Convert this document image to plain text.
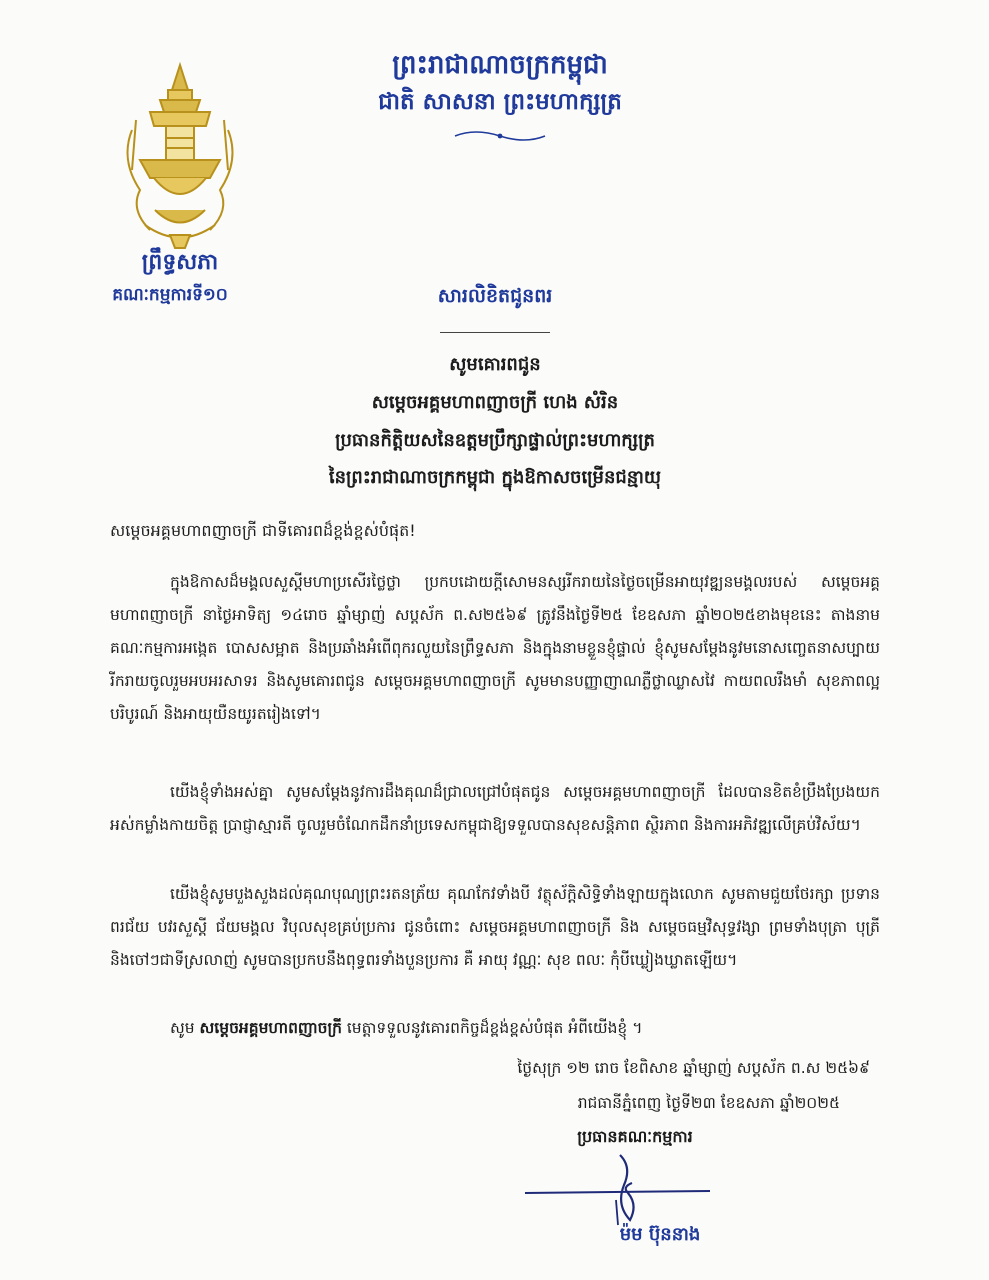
ព្រឹទ្ធសភា
គណៈកម្មការទី១០
ព្រះរាជាណាចក្រកម្ពុជា
ជាតិ សាសនា ព្រះមហាក្សត្រ
សារលិខិតជូនពរ
សូមគោរពជូន
សម្តេចអគ្គមហាពញាចក្រី ហេង សំរិន
ប្រធានកិត្តិយសនៃឧត្តមប្រឹក្សាផ្ទាល់ព្រះមហាក្សត្រ
នៃព្រះរាជាណាចក្រកម្ពុជា ក្នុងឱកាសចម្រើនជន្មាយុ
សម្តេចអគ្គមហាពញាចក្រី ជាទីគោរពដ៏ខ្ពង់ខ្ពស់បំផុត!

ក្នុងឱកាសដ៏មង្គលសួស្តីមហាប្រសើរថ្លៃថ្លា ប្រកបដោយក្តីសោមនស្សរីករាយនៃថ្ងៃចម្រើនអាយុវឌ្ឍនមង្គលរបស់ សម្តេចអគ្គមហាពញាចក្រី នាថ្ងៃអាទិត្យ ១៤រោច ឆ្នាំម្សាញ់ សប្តស័ក ព.ស២៥៦៩ ត្រូវនឹងថ្ងៃទី២៥ ខែឧសភា ឆ្នាំ២០២៥ខាងមុខនេះ តាងនាមគណៈកម្មការអង្កេត បោសសម្អាត និងប្រឆាំងអំពើពុករលួយនៃព្រឹទ្ធសភា និងក្នុងនាមខ្លួនខ្ញុំផ្ទាល់ ខ្ញុំសូមសម្តែងនូវមនោសញ្ចេតនាសប្បាយរីករាយចូលរួមអបអរសាទរ និងសូមគោរពជូន សម្តេចអគ្គមហាពញាចក្រី សូមមានបញ្ញាញាណភ្លឺថ្លាឈ្លាសវៃ កាយពលរឹងមាំ សុខភាពល្អបរិបូរណ៍ និងអាយុយឺនយូរតរៀងទៅ។

យើងខ្ញុំទាំងអស់គ្នា សូមសម្តែងនូវការដឹងគុណដ៏ជ្រាលជ្រៅបំផុតជូន សម្តេចអគ្គមហាពញាចក្រី ដែលបានខិតខំប្រឹងប្រែងយកអស់កម្លាំងកាយចិត្ត ប្រាជ្ញាស្មារតី ចូលរួមចំណែកដឹកនាំប្រទេសកម្ពុជាឱ្យទទួលបានសុខសន្តិភាព ស្ថិរភាព និងការអភិវឌ្ឍលើគ្រប់វិស័យ។

យើងខ្ញុំសូមបួងសួងដល់គុណបុណ្យព្រះរតនត្រ័យ គុណកែវទាំងបី វត្ថុស័ក្តិសិទ្ធិទាំងឡាយក្នុងលោក សូមតាមជួយថែរក្សា ប្រទានពរជ័យ បវរសួស្តី ជ័យមង្គល វិបុលសុខគ្រប់ប្រការ ជូនចំពោះ សម្តេចអគ្គមហាពញាចក្រី និង សម្តេចធម្មវិសុទ្ធវង្សា ព្រមទាំងបុត្រា បុត្រី និងចៅៗជាទីស្រលាញ់ សូមបានប្រកបនឹងពុទ្ធពរទាំងបួនប្រការ គឺ អាយុ វណ្ណៈ សុខ ពលៈ កុំបីឃ្លៀងឃ្លាតឡើយ។

សូម សម្តេចអគ្គមហាពញាចក្រី មេត្តាទទួលនូវគោរពកិច្ចដ៏ខ្ពង់ខ្ពស់បំផុត អំពីយើងខ្ញុំ ។
ថ្ងៃសុក្រ ១២ រោច ខែពិសាខ ឆ្នាំម្សាញ់ សប្តស័ក ព.ស ២៥៦៩
រាជធានីភ្នំពេញ ថ្ងៃទី២៣ ខែឧសភា ឆ្នាំ២០២៥
ប្រធានគណៈកម្មការ
ម៉ម ប៊ុននាង
